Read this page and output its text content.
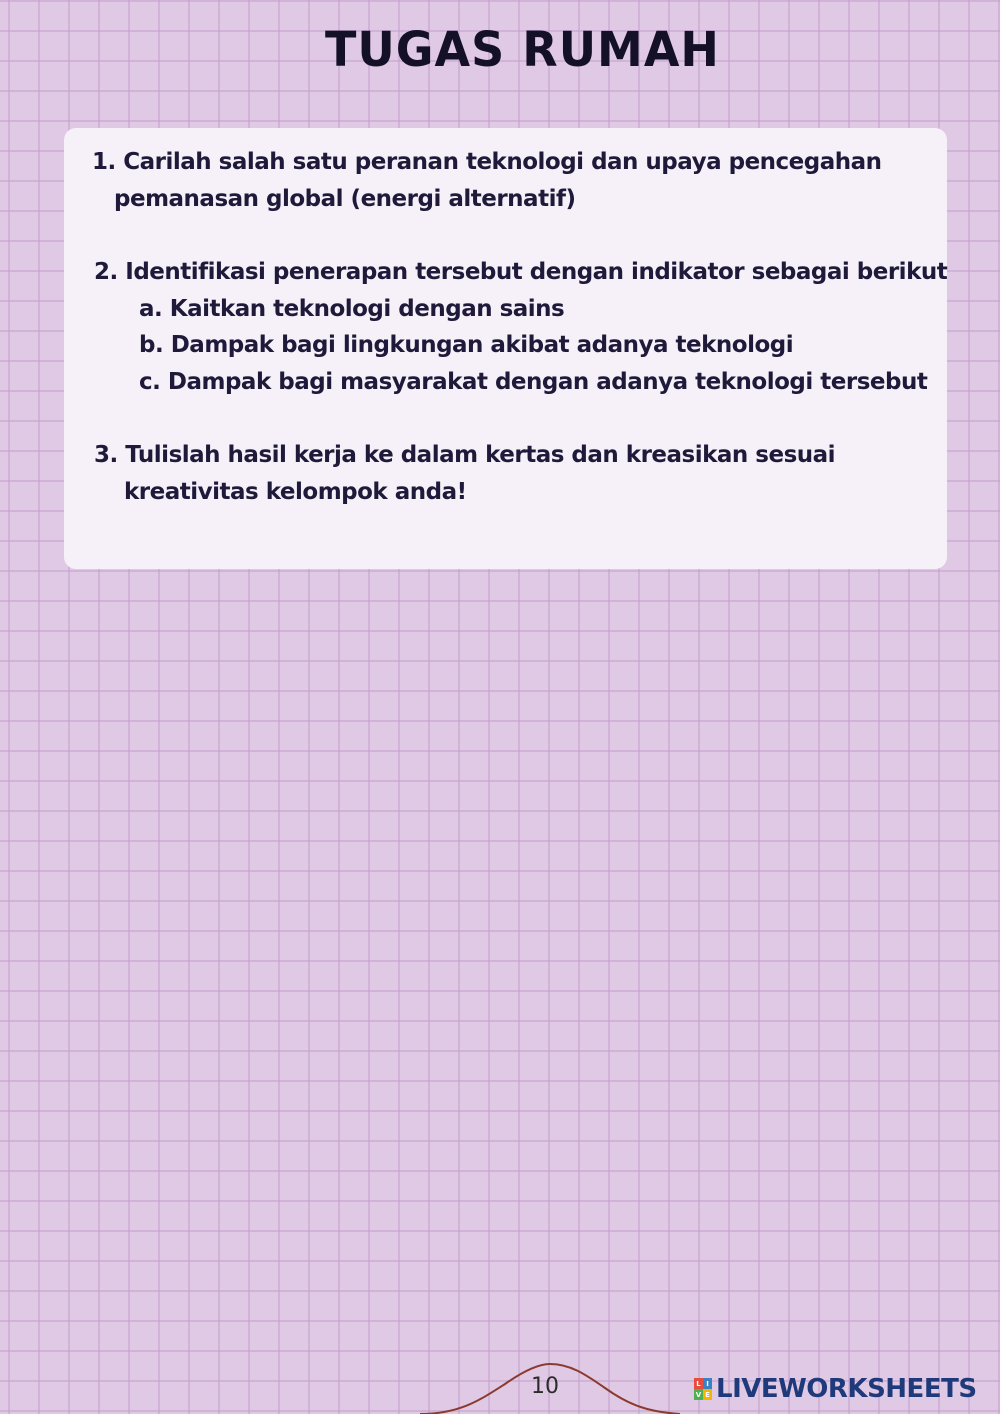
TUGAS RUMAH
1. Carilah salah satu peranan teknologi dan upaya pencegahan
pemanasan global (energi alternatif)
2. Identifikasi penerapan tersebut dengan indikator sebagai berikut
a. Kaitkan teknologi dengan sains
b. Dampak bagi lingkungan akibat adanya teknologi
c. Dampak bagi masyarakat dengan adanya teknologi tersebut
3. Tulislah hasil kerja ke dalam kertas dan kreasikan sesuai
kreativitas kelompok anda!
10	L I
V E LIVEWORKSHEETS
